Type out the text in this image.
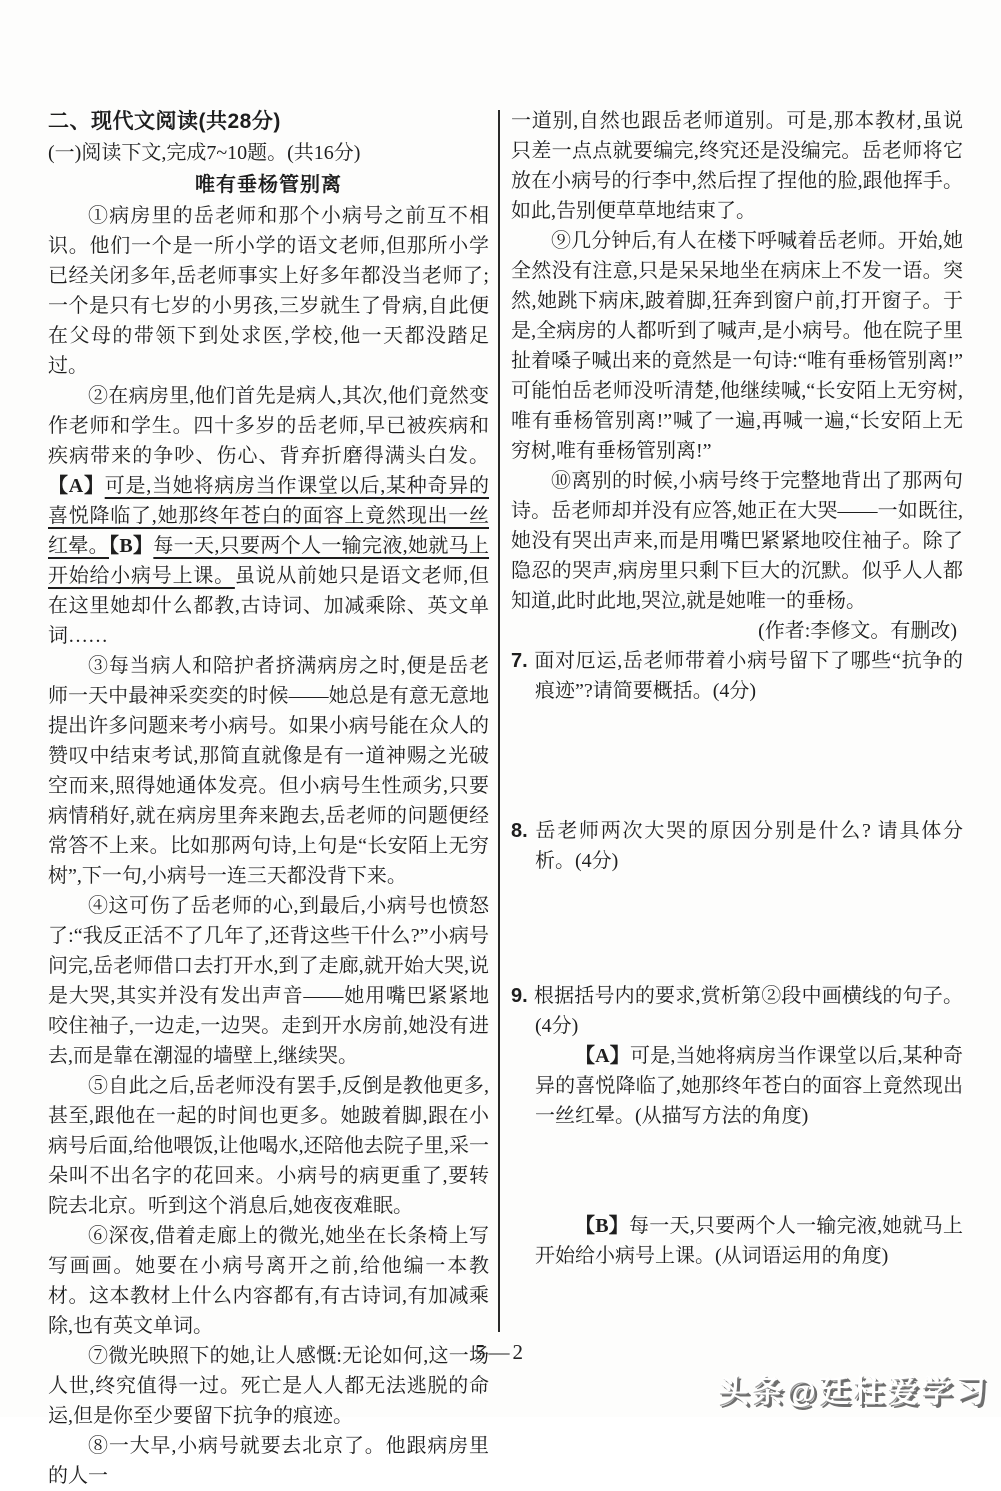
二、现代文阅读(共28分)

(一)阅读下文,完成7~10题。(共16分)

唯有垂杨管别离

①病房里的岳老师和那个小病号之前互不相识。他们一个是一所小学的语文老师,但那所小学已经关闭多年,岳老师事实上好多年都没当老师了;一个是只有七岁的小男孩,三岁就生了骨病,自此便在父母的带领下到处求医,学校,他一天都没踏足过。

②在病房里,他们首先是病人,其次,他们竟然变作老师和学生。四十多岁的岳老师,早已被疾病和疾病带来的争吵、伤心、背弃折磨得满头白发。【A】可是,当她将病房当作课堂以后,某种奇异的喜悦降临了,她那终年苍白的面容上竟然现出一丝红晕。【B】每一天,只要两个人一输完液,她就马上开始给小病号上课。虽说从前她只是语文老师,但在这里她却什么都教,古诗词、加减乘除、英文单词……

③每当病人和陪护者挤满病房之时,便是岳老师一天中最神采奕奕的时候——她总是有意无意地提出许多问题来考小病号。如果小病号能在众人的赞叹中结束考试,那简直就像是有一道神赐之光破空而来,照得她通体发亮。但小病号生性顽劣,只要病情稍好,就在病房里奔来跑去,岳老师的问题便经常答不上来。比如那两句诗,上句是“长安陌上无穷树”,下一句,小病号一连三天都没背下来。

④这可伤了岳老师的心,到最后,小病号也愤怒了:“我反正活不了几年了,还背这些干什么?”小病号问完,岳老师借口去打开水,到了走廊,就开始大哭,说是大哭,其实并没有发出声音——她用嘴巴紧紧地咬住袖子,一边走,一边哭。走到开水房前,她没有进去,而是靠在潮湿的墙壁上,继续哭。

⑤自此之后,岳老师没有罢手,反倒是教他更多,甚至,跟他在一起的时间也更多。她跛着脚,跟在小病号后面,给他喂饭,让他喝水,还陪他去院子里,采一朵叫不出名字的花回来。小病号的病更重了,要转院去北京。听到这个消息后,她夜夜难眠。

⑥深夜,借着走廊上的微光,她坐在长条椅上写写画画。她要在小病号离开之前,给他编一本教材。这本教材上什么内容都有,有古诗词,有加减乘除,也有英文单词。

⑦微光映照下的她,让人感慨:无论如何,这一场人世,终究值得一过。死亡是人人都无法逃脱的命运,但是你至少要留下抗争的痕迹。

⑧一大早,小病号就要去北京了。他跟病房里的人一

一道别,自然也跟岳老师道别。可是,那本教材,虽说只差一点点就要编完,终究还是没编完。岳老师将它放在小病号的行李中,然后捏了捏他的脸,跟他挥手。如此,告别便草草地结束了。

⑨几分钟后,有人在楼下呼喊着岳老师。开始,她全然没有注意,只是呆呆地坐在病床上不发一语。突然,她跳下病床,跛着脚,狂奔到窗户前,打开窗子。于是,全病房的人都听到了喊声,是小病号。他在院子里扯着嗓子喊出来的竟然是一句诗:“唯有垂杨管别离!”可能怕岳老师没听清楚,他继续喊,“长安陌上无穷树,唯有垂杨管别离!”喊了一遍,再喊一遍,“长安陌上无穷树,唯有垂杨管别离!”

⑩离别的时候,小病号终于完整地背出了那两句诗。岳老师却并没有应答,她正在大哭——一如既往,她没有哭出声来,而是用嘴巴紧紧地咬住袖子。除了隐忍的哭声,病房里只剩下巨大的沉默。似乎人人都知道,此时此地,哭泣,就是她唯一的垂杨。

(作者:李修文。有删改)

7. 面对厄运,岳老师带着小病号留下了哪些“抗争的痕迹”?请简要概括。(4分)
8. 岳老师两次大哭的原因分别是什么? 请具体分析。(4分)
9. 根据括号内的要求,赏析第②段中画横线的句子。(4分)

【A】可是,当她将病房当作课堂以后,某种奇异的喜悦降临了,她那终年苍白的面容上竟然现出一丝红晕。(从描写方法的角度)

【B】每一天,只要两个人一输完液,她就马上开始给小病号上课。(从词语运用的角度)

5—2
头条@廷柱爱学习
